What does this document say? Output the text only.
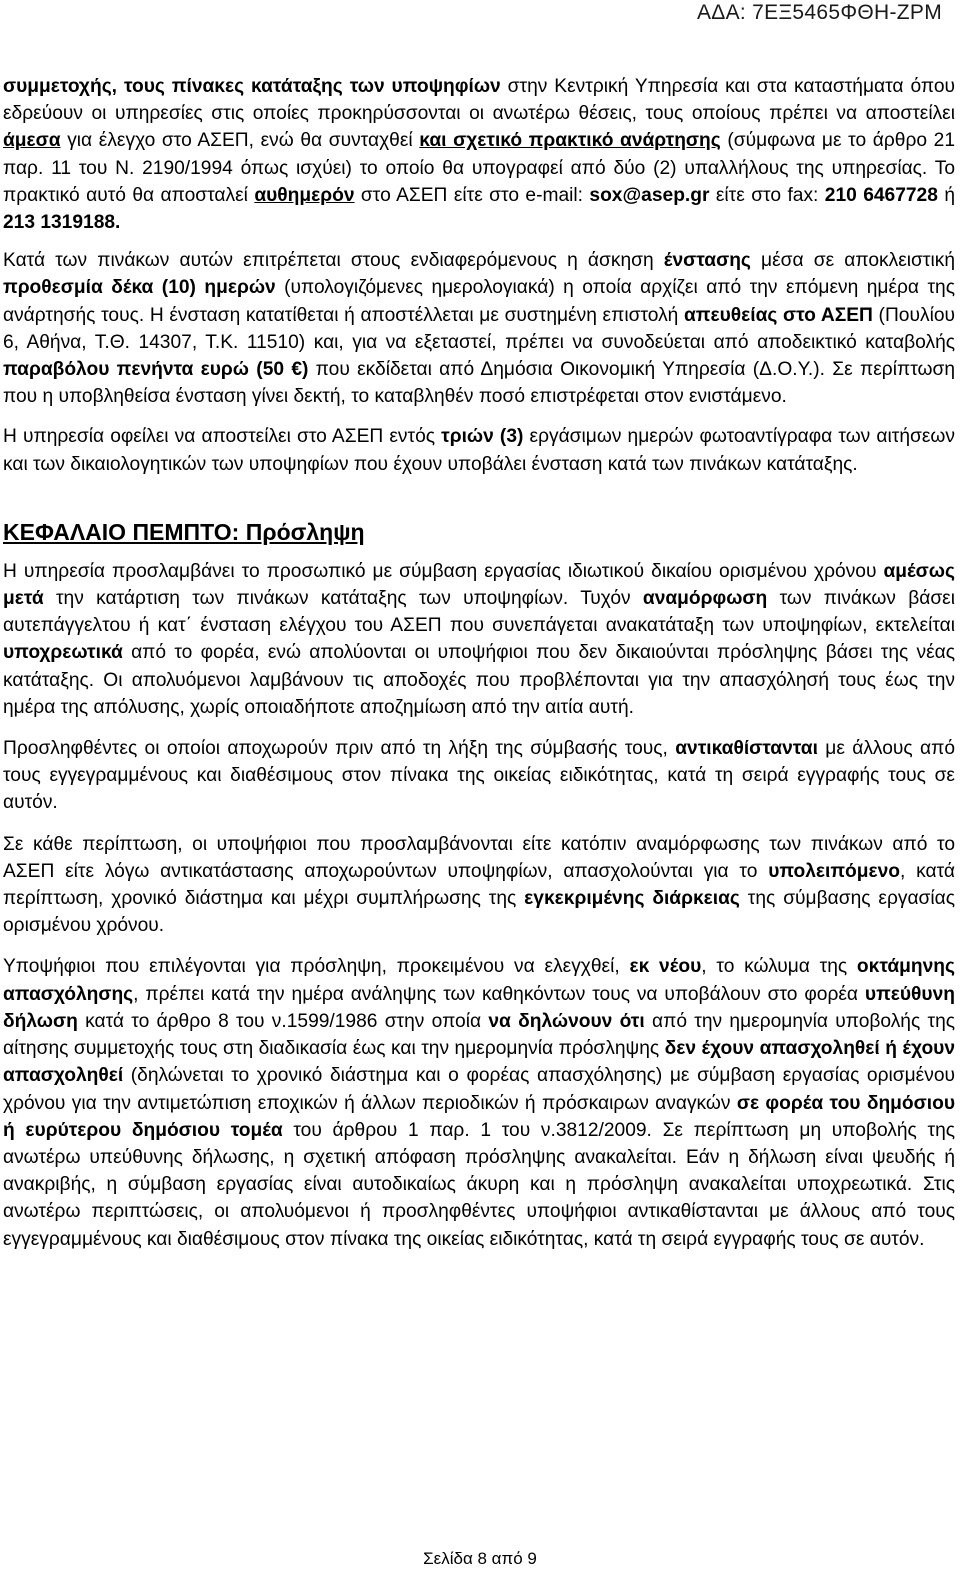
ΑΔΑ: 7ΕΞ5465ΦΘΗ-ΖΡΜ

συμμετοχής, τους πίνακες κατάταξης των υποψηφίων στην Κεντρική Υπηρεσία και στα καταστήματα όπου εδρεύουν οι υπηρεσίες στις οποίες προκηρύσσονται οι ανωτέρω θέσεις, τους οποίους πρέπει να αποστείλει άμεσα για έλεγχο στο ΑΣΕΠ, ενώ θα συνταχθεί και σχετικό πρακτικό ανάρτησης (σύμφωνα με το άρθρο 21 παρ. 11 του Ν. 2190/1994 όπως ισχύει) το οποίο θα υπογραφεί από δύο (2) υπαλλήλους της υπηρεσίας. Το πρακτικό αυτό θα αποσταλεί αυθημερόν στο ΑΣΕΠ είτε στο e-mail: sox@asep.gr είτε στο fax: 210 6467728 ή 213 1319188.

Κατά των πινάκων αυτών επιτρέπεται στους ενδιαφερόμενους η άσκηση ένστασης μέσα σε αποκλειστική προθεσμία δέκα (10) ημερών (υπολογιζόμενες ημερολογιακά) η οποία αρχίζει από την επόμενη ημέρα της ανάρτησής τους. Η ένσταση κατατίθεται ή αποστέλλεται με συστημένη επιστολή απευθείας στο ΑΣΕΠ (Πουλίου 6, Αθήνα, Τ.Θ. 14307, Τ.Κ. 11510) και, για να εξεταστεί, πρέπει να συνοδεύεται από αποδεικτικό καταβολής παραβόλου πενήντα ευρώ (50 €) που εκδίδεται από Δημόσια Οικονομική Υπηρεσία (Δ.Ο.Υ.). Σε περίπτωση που η υποβληθείσα ένσταση γίνει δεκτή, το καταβληθέν ποσό επιστρέφεται στον ενιστάμενο.

Η υπηρεσία οφείλει να αποστείλει στο ΑΣΕΠ εντός τριών (3) εργάσιμων ημερών φωτοαντίγραφα των αιτήσεων και των δικαιολογητικών των υποψηφίων που έχουν υποβάλει ένσταση κατά των πινάκων κατάταξης.

ΚΕΦΑΛΑΙΟ ΠΕΜΠΤΟ: Πρόσληψη

Η υπηρεσία προσλαμβάνει το προσωπικό με σύμβαση εργασίας ιδιωτικού δικαίου ορισμένου χρόνου αμέσως μετά την κατάρτιση των πινάκων κατάταξης των υποψηφίων. Τυχόν αναμόρφωση των πινάκων βάσει αυτεπάγγελτου ή κατ΄ ένσταση ελέγχου του ΑΣΕΠ που συνεπάγεται ανακατάταξη των υποψηφίων, εκτελείται υποχρεωτικά από το φορέα, ενώ απολύονται οι υποψήφιοι που δεν δικαιούνται πρόσληψης βάσει της νέας κατάταξης. Οι απολυόμενοι λαμβάνουν τις αποδοχές που προβλέπονται για την απασχόλησή τους έως την ημέρα της απόλυσης, χωρίς οποιαδήποτε αποζημίωση από την αιτία αυτή.

Προσληφθέντες οι οποίοι αποχωρούν πριν από τη λήξη της σύμβασής τους, αντικαθίστανται με άλλους από τους εγγεγραμμένους και διαθέσιμους στον πίνακα της οικείας ειδικότητας, κατά τη σειρά εγγραφής τους σε αυτόν.

Σε κάθε περίπτωση, οι υποψήφιοι που προσλαμβάνονται είτε κατόπιν αναμόρφωσης των πινάκων από το ΑΣΕΠ είτε λόγω αντικατάστασης αποχωρούντων υποψηφίων, απασχολούνται για το υπολειπόμενο, κατά περίπτωση, χρονικό διάστημα και μέχρι συμπλήρωσης της εγκεκριμένης διάρκειας της σύμβασης εργασίας ορισμένου χρόνου.

Υποψήφιοι που επιλέγονται για πρόσληψη, προκειμένου να ελεγχθεί, εκ νέου, το κώλυμα της οκτάμηνης απασχόλησης, πρέπει κατά την ημέρα ανάληψης των καθηκόντων τους να υποβάλουν στο φορέα υπεύθυνη δήλωση κατά το άρθρο 8 του ν.1599/1986 στην οποία να δηλώνουν ότι από την ημερομηνία υποβολής της αίτησης συμμετοχής τους στη διαδικασία έως και την ημερομηνία πρόσληψης δεν έχουν απασχοληθεί ή έχουν απασχοληθεί (δηλώνεται το χρονικό διάστημα και ο φορέας απασχόλησης) με σύμβαση εργασίας ορισμένου χρόνου για την αντιμετώπιση εποχικών ή άλλων περιοδικών ή πρόσκαιρων αναγκών σε φορέα του δημόσιου ή ευρύτερου δημόσιου τομέα του άρθρου 1 παρ. 1 του ν.3812/2009. Σε περίπτωση μη υποβολής της ανωτέρω υπεύθυνης δήλωσης, η σχετική απόφαση πρόσληψης ανακαλείται. Εάν η δήλωση είναι ψευδής ή ανακριβής, η σύμβαση εργασίας είναι αυτοδικαίως άκυρη και η πρόσληψη ανακαλείται υποχρεωτικά. Στις ανωτέρω περιπτώσεις, οι απολυόμενοι ή προσληφθέντες υποψήφιοι αντικαθίστανται με άλλους από τους εγγεγραμμένους και διαθέσιμους στον πίνακα της οικείας ειδικότητας, κατά τη σειρά εγγραφής τους σε αυτόν.

Σελίδα 8 από 9
